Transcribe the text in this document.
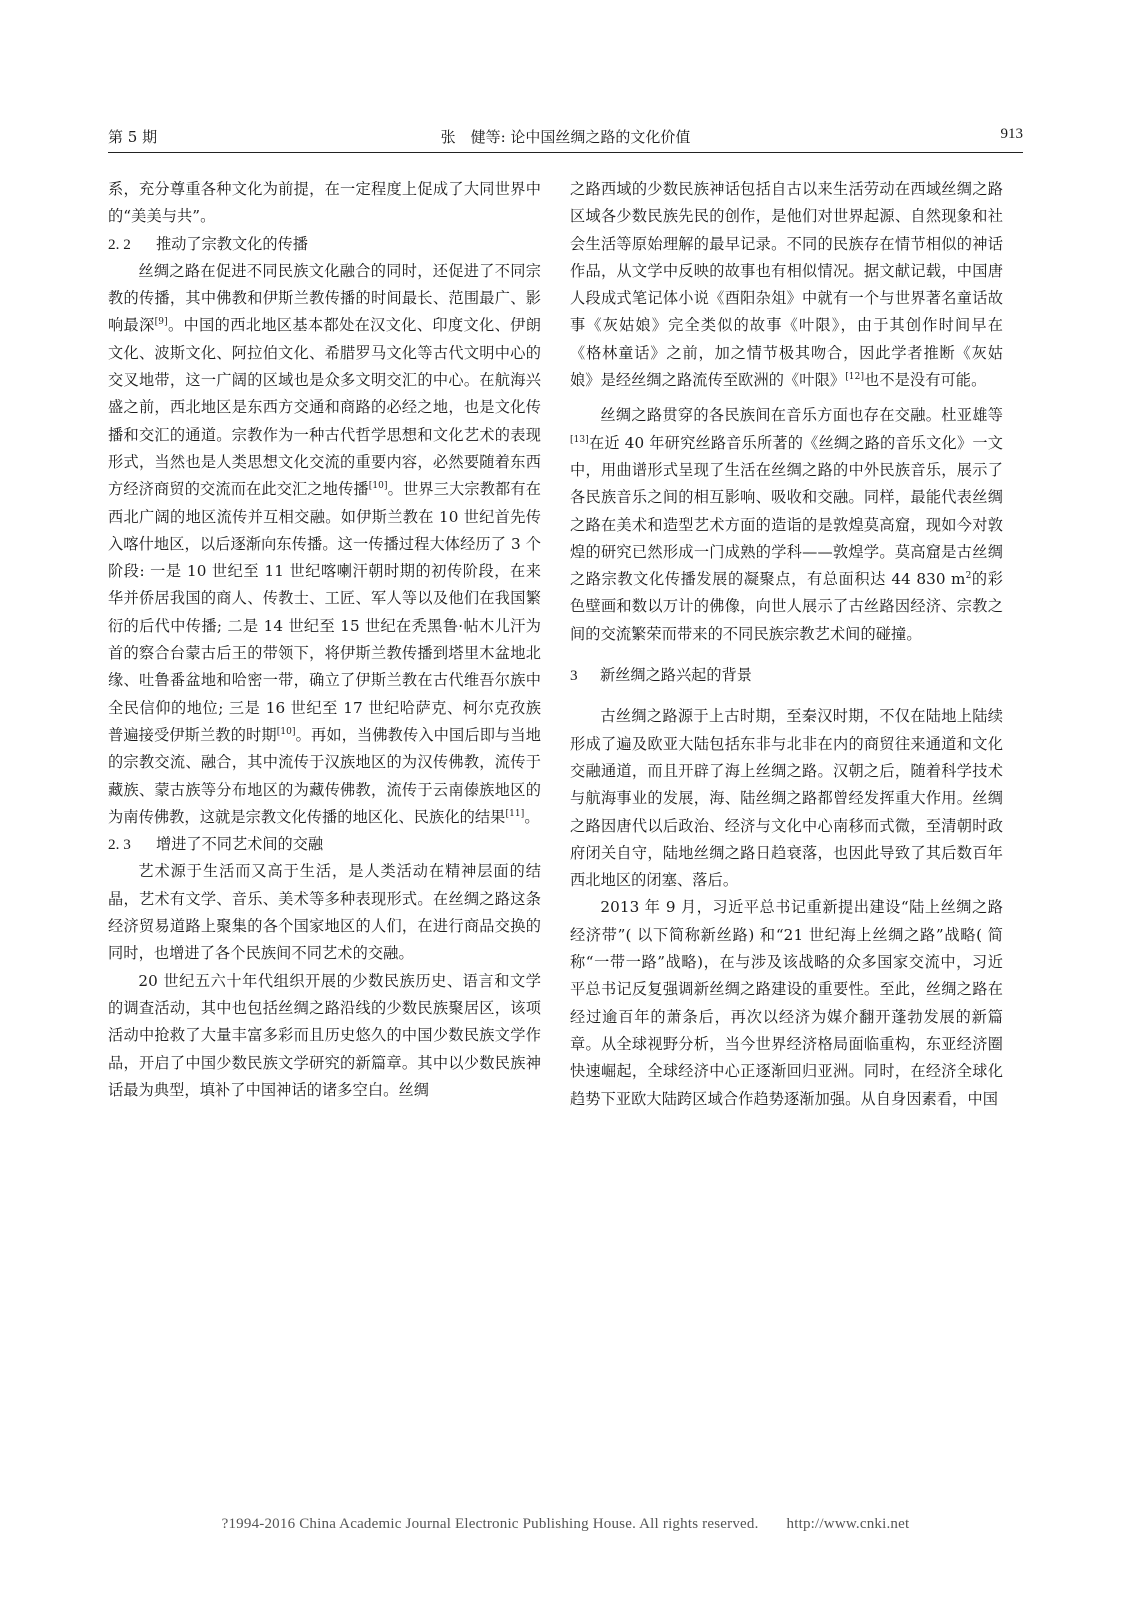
第 5 期	张　健等: 论中国丝绸之路的文化价值	913

系，充分尊重各种文化为前提，在一定程度上促成了大同世界中的“美美与共”。

2. 2 推动了宗教文化的传播

丝绸之路在促进不同民族文化融合的同时，还促进了不同宗教的传播，其中佛教和伊斯兰教传播的时间最长、范围最广、影响最深[9]。中国的西北地区基本都处在汉文化、印度文化、伊朗文化、波斯文化、阿拉伯文化、希腊罗马文化等古代文明中心的交叉地带，这一广阔的区域也是众多文明交汇的中心。在航海兴盛之前，西北地区是东西方交通和商路的必经之地，也是文化传播和交汇的通道。宗教作为一种古代哲学思想和文化艺术的表现形式，当然也是人类思想文化交流的重要内容，必然要随着东西方经济商贸的交流而在此交汇之地传播[10]。世界三大宗教都有在西北广阔的地区流传并互相交融。如伊斯兰教在 10 世纪首先传入喀什地区，以后逐渐向东传播。这一传播过程大体经历了 3 个阶段: 一是 10 世纪至 11 世纪喀喇汗朝时期的初传阶段，在来华并侨居我国的商人、传教士、工匠、军人等以及他们在我国繁衍的后代中传播; 二是 14 世纪至 15 世纪在秃黑鲁·帖木儿汗为首的察合台蒙古后王的带领下，将伊斯兰教传播到塔里木盆地北缘、吐鲁番盆地和哈密一带，确立了伊斯兰教在古代维吾尔族中全民信仰的地位; 三是 16 世纪至 17 世纪哈萨克、柯尔克孜族普遍接受伊斯兰教的时期[10]。再如，当佛教传入中国后即与当地的宗教交流、融合，其中流传于汉族地区的为汉传佛教，流传于藏族、蒙古族等分布地区的为藏传佛教，流传于云南傣族地区的为南传佛教，这就是宗教文化传播的地区化、民族化的结果[11]。

2. 3 增进了不同艺术间的交融

艺术源于生活而又高于生活，是人类活动在精神层面的结晶，艺术有文学、音乐、美术等多种表现形式。在丝绸之路这条经济贸易道路上聚集的各个国家地区的人们，在进行商品交换的同时，也增进了各个民族间不同艺术的交融。

20 世纪五六十年代组织开展的少数民族历史、语言和文学的调查活动，其中也包括丝绸之路沿线的少数民族聚居区，该项活动中抢救了大量丰富多彩而且历史悠久的中国少数民族文学作品，开启了中国少数民族文学研究的新篇章。其中以少数民族神话最为典型，填补了中国神话的诸多空白。丝绸

之路西域的少数民族神话包括自古以来生活劳动在西域丝绸之路区域各少数民族先民的创作，是他们对世界起源、自然现象和社会生活等原始理解的最早记录。不同的民族存在情节相似的神话作品，从文学中反映的故事也有相似情况。据文献记载，中国唐人段成式笔记体小说《酉阳杂俎》中就有一个与世界著名童话故事《灰姑娘》完全类似的故事《叶限》，由于其创作时间早在《格林童话》之前，加之情节极其吻合，因此学者推断《灰姑娘》是经丝绸之路流传至欧洲的《叶限》[12]也不是没有可能。

丝绸之路贯穿的各民族间在音乐方面也存在交融。杜亚雄等[13]在近 40 年研究丝路音乐所著的《丝绸之路的音乐文化》一文中，用曲谱形式呈现了生活在丝绸之路的中外民族音乐，展示了各民族音乐之间的相互影响、吸收和交融。同样，最能代表丝绸之路在美术和造型艺术方面的造诣的是敦煌莫高窟，现如今对敦煌的研究已然形成一门成熟的学科——敦煌学。莫高窟是古丝绸之路宗教文化传播发展的凝聚点，有总面积达 44 830 $m^2$的彩色壁画和数以万计的佛像，向世人展示了古丝路因经济、宗教之间的交流繁荣而带来的不同民族宗教艺术间的碰撞。

3 新丝绸之路兴起的背景

古丝绸之路源于上古时期，至秦汉时期，不仅在陆地上陆续形成了遍及欧亚大陆包括东非与北非在内的商贸往来通道和文化交融通道，而且开辟了海上丝绸之路。汉朝之后，随着科学技术与航海事业的发展，海、陆丝绸之路都曾经发挥重大作用。丝绸之路因唐代以后政治、经济与文化中心南移而式微，至清朝时政府闭关自守，陆地丝绸之路日趋衰落，也因此导致了其后数百年西北地区的闭塞、落后。

2013 年 9 月，习近平总书记重新提出建设“陆上丝绸之路经济带”( 以下简称新丝路) 和“21 世纪海上丝绸之路”战略( 简称“一带一路”战略)，在与涉及该战略的众多国家交流中，习近平总书记反复强调新丝绸之路建设的重要性。至此，丝绸之路在经过逾百年的萧条后，再次以经济为媒介翻开蓬勃发展的新篇章。从全球视野分析，当今世界经济格局面临重构，东亚经济圈快速崛起，全球经济中心正逐渐回归亚洲。同时，在经济全球化趋势下亚欧大陆跨区域合作趋势逐渐加强。从自身因素看，中国

?1994-2016 China Academic Journal Electronic Publishing House. All rights reserved. http://www.cnki.net
